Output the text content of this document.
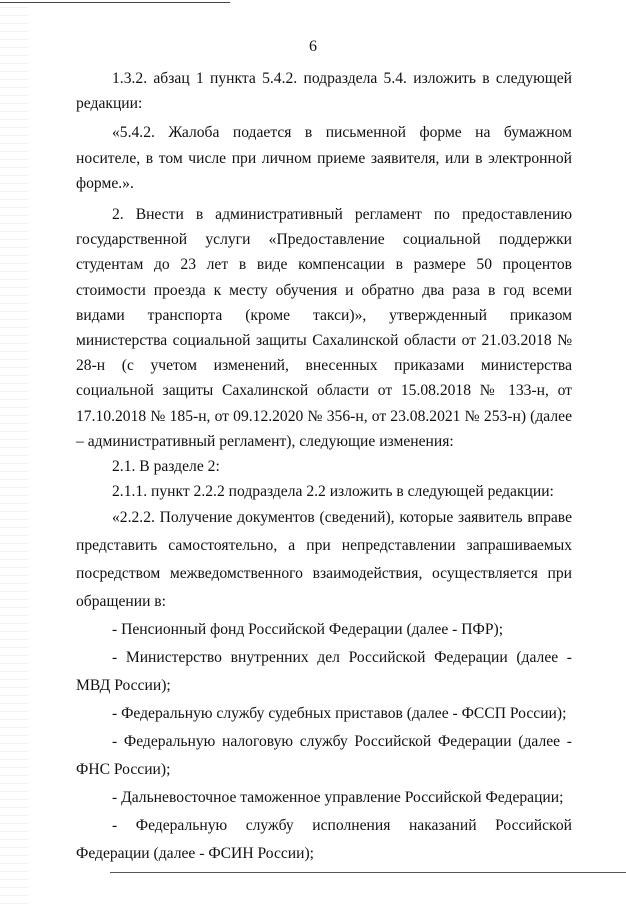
6

1.3.2. абзац 1 пункта 5.4.2. подраздела 5.4. изложить в следующей редакции:

«5.4.2. Жалоба подается в письменной форме на бумажном носителе, в том числе при личном приеме заявителя, или в электронной форме.».

2. Внести в административный регламент по предоставлению государственной услуги «Предоставление социальной поддержки студентам до 23 лет в виде компенсации в размере 50 процентов стоимости проезда к месту обучения и обратно два раза в год всеми видами транспорта (кроме такси)», утвержденный приказом министерства социальной защиты Сахалинской области от 21.03.2018 № 28-н (с учетом изменений, внесенных приказами министерства социальной защиты Сахалинской области от 15.08.2018 № 133-н, от 17.10.2018 № 185-н, от 09.12.2020 № 356-н, от 23.08.2021 № 253-н) (далее – административный регламент), следующие изменения:

2.1. В разделе 2:

2.1.1. пункт 2.2.2 подраздела 2.2 изложить в следующей редакции:

«2.2.2. Получение документов (сведений), которые заявитель вправе представить самостоятельно, а при непредставлении запрашиваемых посредством межведомственного взаимодействия, осуществляется при обращении в:

- Пенсионный фонд Российской Федерации (далее - ПФР);

- Министерство внутренних дел Российской Федерации (далее - МВД России);

- Федеральную службу судебных приставов (далее - ФССП России);

- Федеральную налоговую службу Российской Федерации (далее - ФНС России);

- Дальневосточное таможенное управление Российской Федерации;

- Федеральную службу исполнения наказаний Российской Федерации (далее - ФСИН России);
